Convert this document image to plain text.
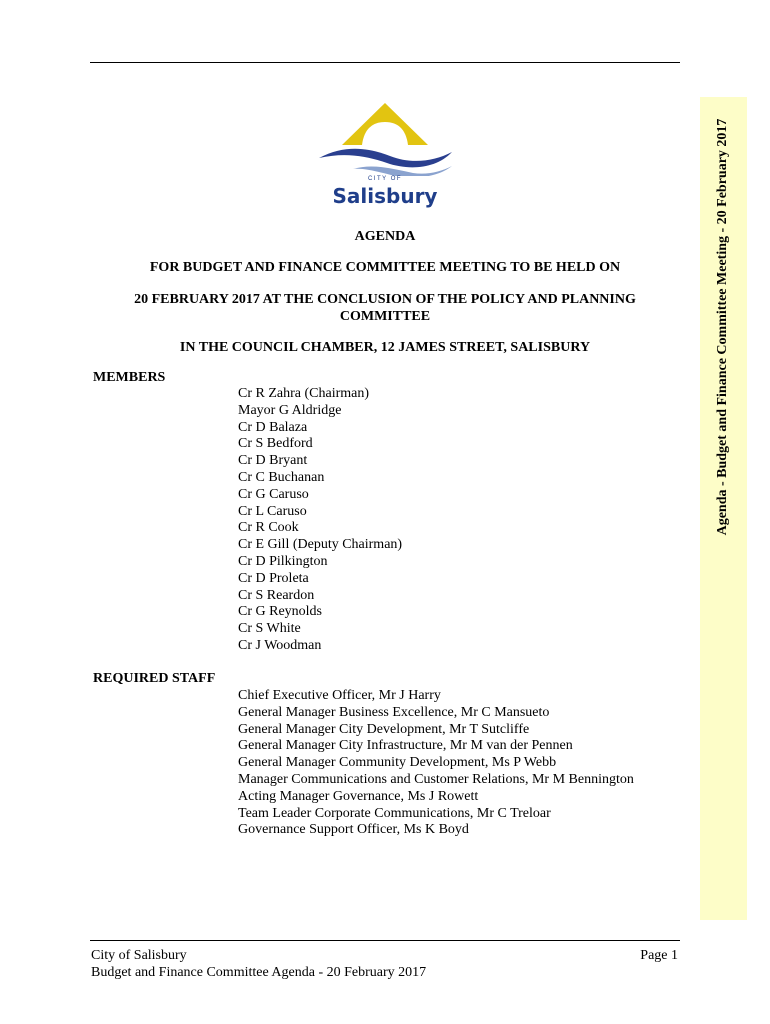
CITY OF
Salisbury
AGENDA
FOR BUDGET AND FINANCE COMMITTEE MEETING TO BE HELD ON
20 FEBRUARY 2017 AT THE CONCLUSION OF THE POLICY AND PLANNING
COMMITTEE
IN THE COUNCIL CHAMBER, 12 JAMES STREET, SALISBURY
MEMBERS
Cr R Zahra (Chairman)
Mayor G Aldridge
Cr D Balaza
Cr S Bedford
Cr D Bryant
Cr C Buchanan
Cr G Caruso
Cr L Caruso
Cr R Cook
Cr E Gill (Deputy Chairman)
Cr D Pilkington
Cr D Proleta
Cr S Reardon
Cr G Reynolds
Cr S White
Cr J Woodman
REQUIRED STAFF
Chief Executive Officer, Mr J Harry
General Manager Business Excellence, Mr C Mansueto
General Manager City Development, Mr T Sutcliffe
General Manager City Infrastructure, Mr M van der Pennen
General Manager Community Development, Ms P Webb
Manager Communications and Customer Relations, Mr M Bennington
Acting Manager Governance, Ms J Rowett
Team Leader Corporate Communications, Mr C Treloar
Governance Support Officer, Ms K Boyd
Agenda - Budget and Finance Committee Meeting - 20 February 2017
City of Salisbury
Budget and Finance Committee Agenda - 20 February 2017
Page 1
